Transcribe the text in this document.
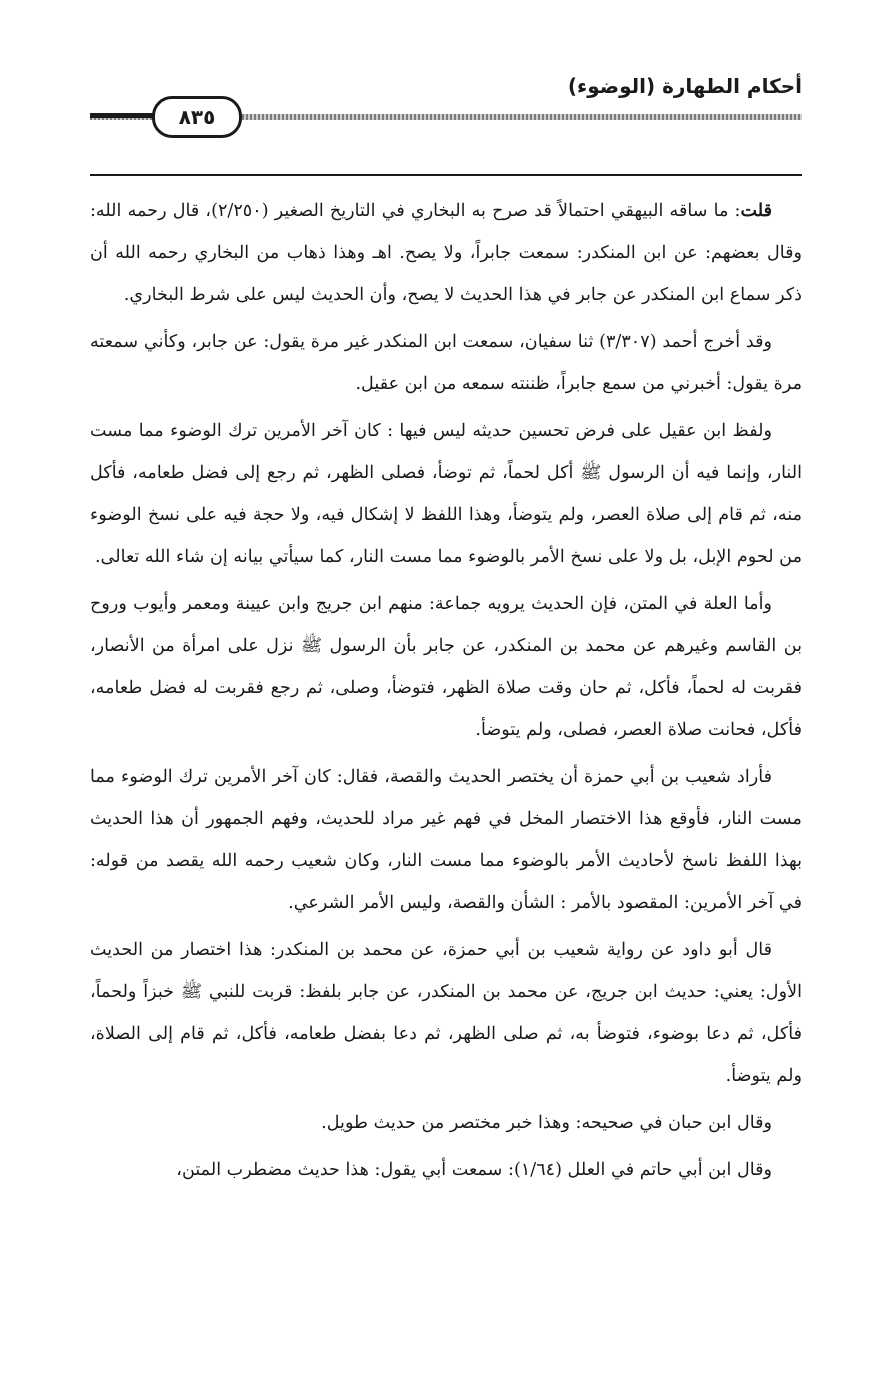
أحكام الطهارة (الوضوء)
٨٣٥

قلت: ما ساقه البيهقي احتمالاً قد صرح به البخاري في التاريخ الصغير (٢/٢٥٠)، قال رحمه الله: وقال بعضهم: عن ابن المنكدر: سمعت جابراً، ولا يصح. اهـ وهذا ذهاب من البخاري رحمه الله أن ذكر سماع ابن المنكدر عن جابر في هذا الحديث لا يصح، وأن الحديث ليس على شرط البخاري.

وقد أخرج أحمد (٣/٣٠٧) ثنا سفيان، سمعت ابن المنكدر غير مرة يقول: عن جابر، وكأني سمعته مرة يقول: أخبرني من سمع جابراً، ظننته سمعه من ابن عقيل.

ولفظ ابن عقيل على فرض تحسين حديثه ليس فيها : كان آخر الأمرين ترك الوضوء مما مست النار، وإنما فيه أن الرسول ﷺ أكل لحماً، ثم توضأ، فصلى الظهر، ثم رجع إلى فضل طعامه، فأكل منه، ثم قام إلى صلاة العصر، ولم يتوضأ، وهذا اللفظ لا إشكال فيه، ولا حجة فيه على نسخ الوضوء من لحوم الإبل، بل ولا على نسخ الأمر بالوضوء مما مست النار، كما سيأتي بيانه إن شاء الله تعالى.

وأما العلة في المتن، فإن الحديث يرويه جماعة: منهم ابن جريج وابن عيينة ومعمر وأيوب وروح بن القاسم وغيرهم عن محمد بن المنكدر، عن جابر بأن الرسول ﷺ نزل على امرأة من الأنصار، فقربت له لحماً، فأكل، ثم حان وقت صلاة الظهر، فتوضأ، وصلى، ثم رجع فقربت له فضل طعامه، فأكل، فحانت صلاة العصر، فصلى، ولم يتوضأ.

فأراد شعيب بن أبي حمزة أن يختصر الحديث والقصة، فقال: كان آخر الأمرين ترك الوضوء مما مست النار، فأوقع هذا الاختصار المخل في فهم غير مراد للحديث، وفهم الجمهور أن هذا الحديث بهذا اللفظ ناسخ لأحاديث الأمر بالوضوء مما مست النار، وكان شعيب رحمه الله يقصد من قوله: في آخر الأمرين: المقصود بالأمر : الشأن والقصة، وليس الأمر الشرعي.

قال أبو داود عن رواية شعيب بن أبي حمزة، عن محمد بن المنكدر: هذا اختصار من الحديث الأول: يعني: حديث ابن جريج، عن محمد بن المنكدر، عن جابر بلفظ: قربت للنبي ﷺ خبزاً ولحماً، فأكل، ثم دعا بوضوء، فتوضأ به، ثم صلى الظهر، ثم دعا بفضل طعامه، فأكل، ثم قام إلى الصلاة، ولم يتوضأ.

وقال ابن حبان في صحيحه: وهذا خبر مختصر من حديث طويل.

وقال ابن أبي حاتم في العلل (١/٦٤): سمعت أبي يقول: هذا حديث مضطرب المتن،
